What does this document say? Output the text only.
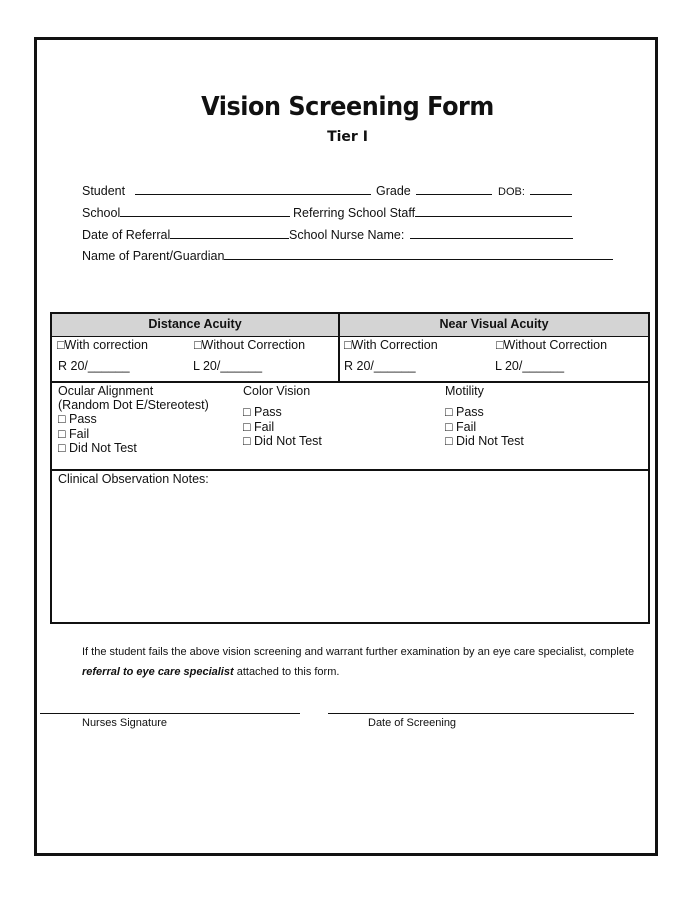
Vision Screening Form
Tier I
Student	Grade	DOB:
School	Referring School Staff
Date of Referral	School Nurse Name:
Name of Parent/Guardian
Distance Acuity	Near Visual Acuity
□With correction	□Without Correction
R 20/______	L 20/______
□With Correction	□Without Correction
R 20/______	L 20/______
Ocular Alignment
(Random Dot E/Stereotest)
□ Pass
□ Fail
□ Did Not Test
Color Vision
□ Pass
□ Fail
□ Did Not Test
Motility
□ Pass
□ Fail
□ Did Not Test
Clinical Observation Notes:
If the student fails the above vision screening and warrant further examination by an eye care specialist, complete
referral to eye care specialist attached to this form.
Nurses Signature	Date of Screening
